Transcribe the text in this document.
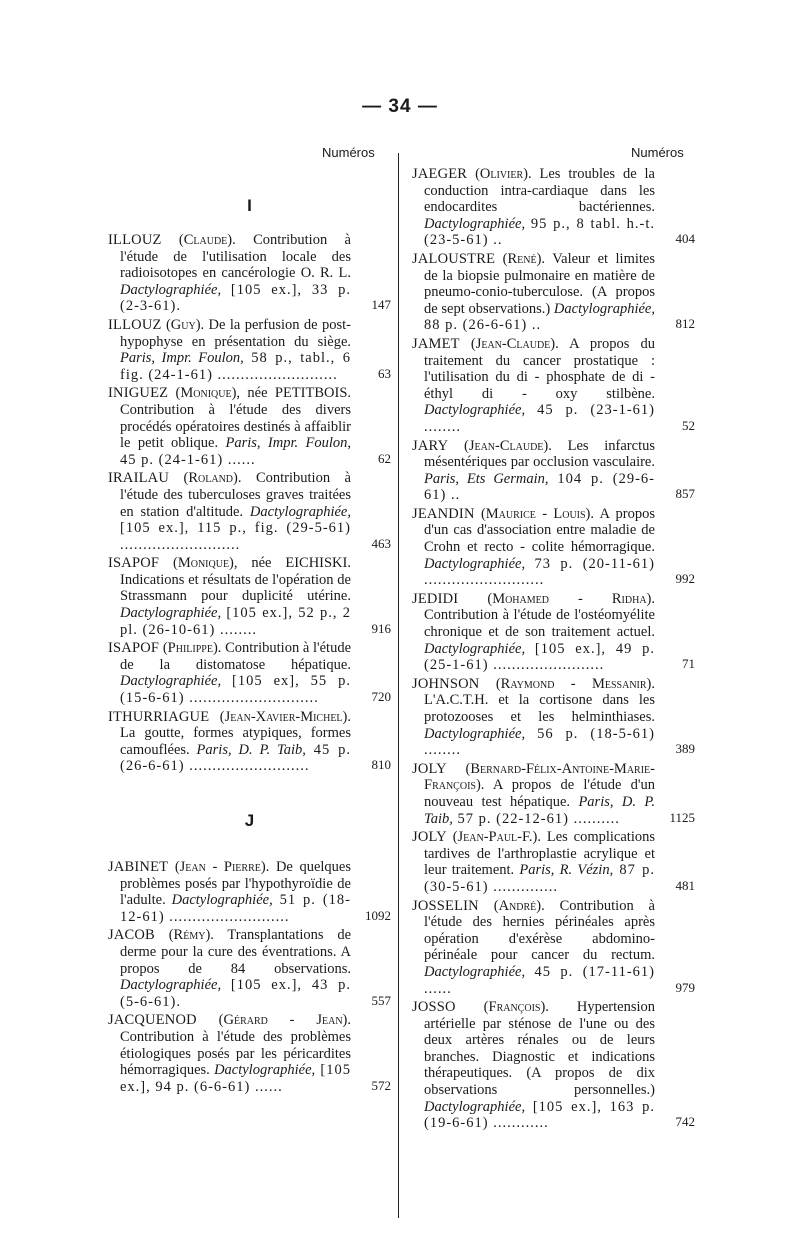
— 34 —
Numéros	Numéros
I
ILLOUZ (Claude). Contribution à l'étude de l'utilisation locale des radioisotopes en cancérologie O. R. L. Dactylographiée, [105 ex.], 33 p. (2-3-61).	147
ILLOUZ (Guy). De la perfusion de post-hypophyse en présentation du siège. Paris, Impr. Foulon, 58 p., tabl., 6 fig. (24-1-61) ..........................	63
INIGUEZ (Monique), née PETITBOIS. Contribution à l'étude des divers procédés opératoires destinés à affaiblir le petit oblique. Paris, Impr. Foulon, 45 p. (24-1-61) ......	62
IRAILAU (Roland). Contribution à l'étude des tuberculoses graves traitées en station d'altitude. Dactylographiée, [105 ex.], 115 p., fig. (29-5-61) ..........................	463
ISAPOF (Monique), née EICHISKI. Indications et résultats de l'opération de Strassmann pour duplicité utérine. Dactylographiée, [105 ex.], 52 p., 2 pl. (26-10-61) ........	916
ISAPOF (Philippe). Contribution à l'étude de la distomatose hépatique. Dactylographiée, [105 ex], 55 p. (15-6-61) ............................	720
ITHURRIAGUE (Jean-Xavier-Michel). La goutte, formes atypiques, formes camouflées. Paris, D. P. Taib, 45 p. (26-6-61) ..........................	810
J
JABINET (Jean - Pierre). De quelques problèmes posés par l'hypothyroïdie de l'adulte. Dactylographiée, 51 p. (18-12-61) ..........................	1092
JACOB (Rémy). Transplantations de derme pour la cure des éventrations. A propos de 84 observations. Dactylographiée, [105 ex.], 43 p. (5-6-61).	557
JACQUENOD (Gérard - Jean). Contribution à l'étude des problèmes étiologiques posés par les péricardites hémorragiques. Dactylographiée, [105 ex.], 94 p. (6-6-61) ......	572
JAEGER (Olivier). Les troubles de la conduction intra-cardiaque dans les endocardites bactériennes. Dactylographiée, 95 p., 8 tabl. h.-t. (23-5-61) ..	404
JALOUSTRE (René). Valeur et limites de la biopsie pulmonaire en matière de pneumo-conio-tuberculose. (A propos de sept observations.) Dactylographiée, 88 p. (26-6-61) ..	812
JAMET (Jean-Claude). A propos du traitement du cancer prostatique : l'utilisation du di - phosphate de di - éthyl di - oxy stilbène. Dactylographiée, 45 p. (23-1-61) ........	52
JARY (Jean-Claude). Les infarctus mésentériques par occlusion vasculaire. Paris, Ets Germain, 104 p. (29-6-61) ..	857
JEANDIN (Maurice - Louis). A propos d'un cas d'association entre maladie de Crohn et recto - colite hémorragique. Dactylographiée, 73 p. (20-11-61) ..........................	992
JEDIDI (Mohamed - Ridha). Contribution à l'étude de l'ostéomyélite chronique et de son traitement actuel. Dactylographiée, [105 ex.], 49 p. (25-1-61) ........................	71
JOHNSON (Raymond - Messanir). L'A.C.T.H. et la cortisone dans les protozooses et les helminthiases. Dactylographiée, 56 p. (18-5-61) ........	389
JOLY (Bernard-Félix-Antoine-Marie-François). A propos de l'étude d'un nouveau test hépatique. Paris, D. P. Taib, 57 p. (22-12-61) ..........	1125
JOLY (Jean-Paul-F.). Les complications tardives de l'arthroplastie acrylique et leur traitement. Paris, R. Vézin, 87 p. (30-5-61) ..............	481
JOSSELIN (André). Contribution à l'étude des hernies périnéales après opération d'exérèse abdomino-périnéale pour cancer du rectum. Dactylographiée, 45 p. (17-11-61) ......	979
JOSSO (François). Hypertension artérielle par sténose de l'une ou des deux artères rénales ou de leurs branches. Diagnostic et indications thérapeutiques. (A propos de dix observations personnelles.) Dactylographiée, [105 ex.], 163 p. (19-6-61) ............	742
